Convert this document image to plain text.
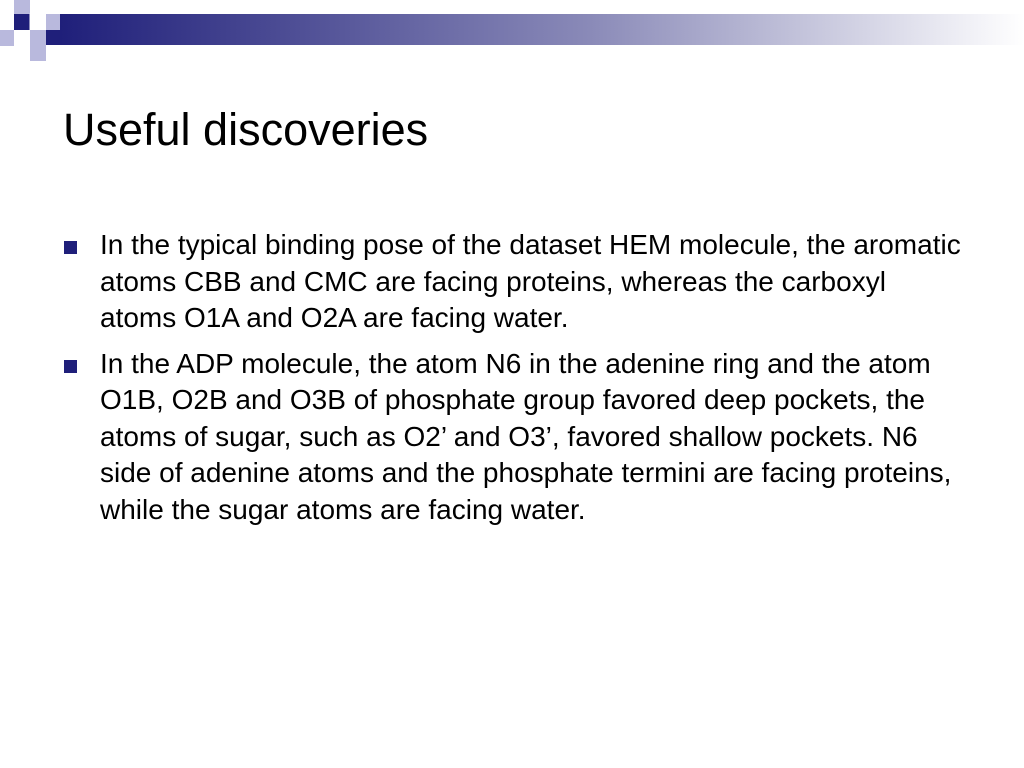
Useful discoveries
In the typical binding pose of the dataset HEM molecule, the aromatic atoms CBB and CMC are facing proteins, whereas the carboxyl atoms O1A and O2A are facing water.
In the ADP molecule, the atom N6 in the adenine ring and the atom O1B, O2B and O3B of phosphate group favored deep pockets, the atoms of sugar, such as O2’ and O3’, favored shallow pockets. N6 side of adenine atoms and the phosphate termini are facing proteins, while the sugar atoms are facing water.
